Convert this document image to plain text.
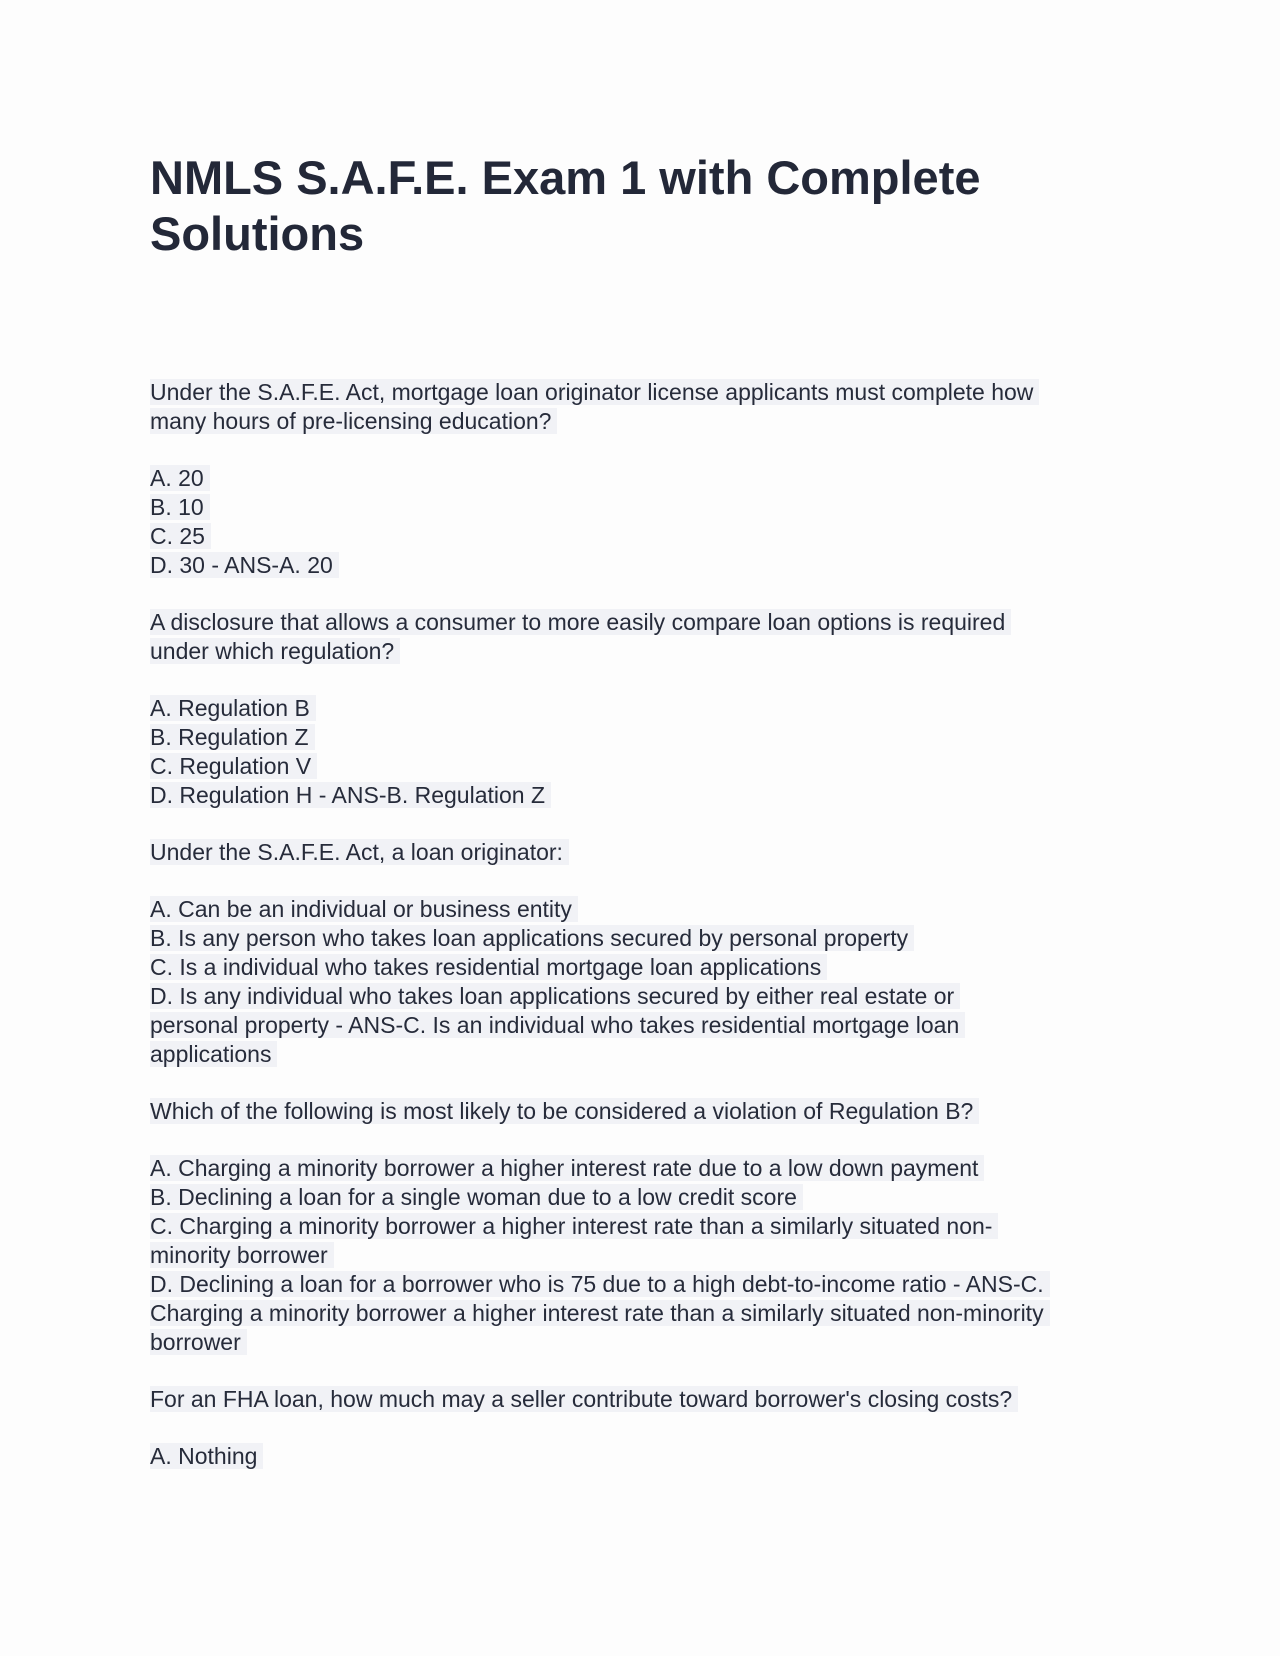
NMLS S.A.F.E. Exam 1 with Complete Solutions
Under the S.A.F.E. Act, mortgage loan originator license applicants must complete how
many hours of pre-licensing education?
A. 20
B. 10
C. 25
D. 30 - ANS-A. 20
A disclosure that allows a consumer to more easily compare loan options is required
under which regulation?
A. Regulation B
B. Regulation Z
C. Regulation V
D. Regulation H - ANS-B. Regulation Z
Under the S.A.F.E. Act, a loan originator:
A. Can be an individual or business entity
B. Is any person who takes loan applications secured by personal property
C. Is a individual who takes residential mortgage loan applications
D. Is any individual who takes loan applications secured by either real estate or
personal property - ANS-C. Is an individual who takes residential mortgage loan
applications
Which of the following is most likely to be considered a violation of Regulation B?
A. Charging a minority borrower a higher interest rate due to a low down payment
B. Declining a loan for a single woman due to a low credit score
C. Charging a minority borrower a higher interest rate than a similarly situated non-
minority borrower
D. Declining a loan for a borrower who is 75 due to a high debt-to-income ratio - ANS-C.
Charging a minority borrower a higher interest rate than a similarly situated non-minority
borrower
For an FHA loan, how much may a seller contribute toward borrower's closing costs?
A. Nothing
